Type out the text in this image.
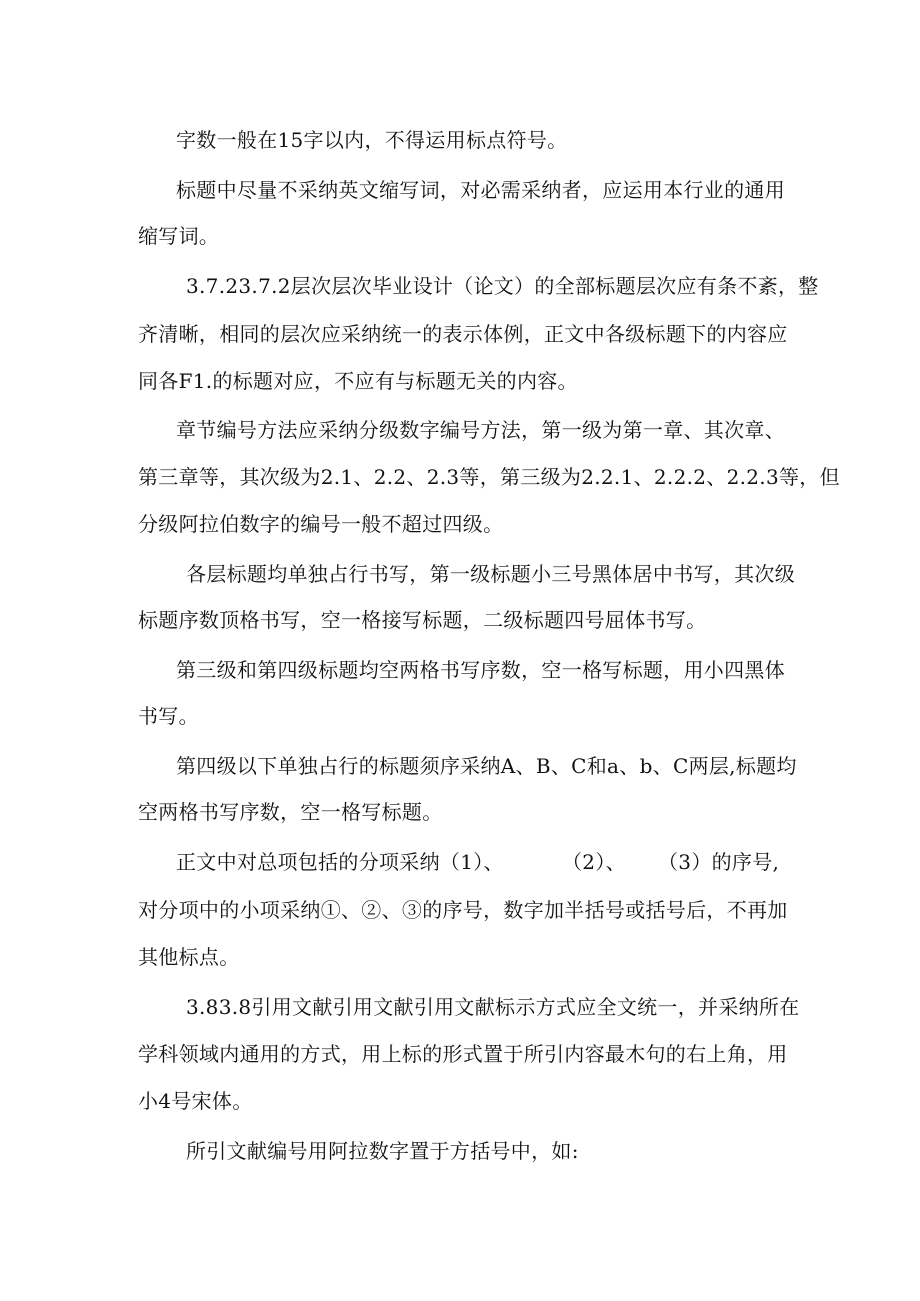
字数一般在15字以内，不得运用标点符号。
标题中尽量不采纳英文缩写词，对必需采纳者，应运用本行业的通用
缩写词。
3.7.23.7.2层次层次毕业设计（论文）的全部标题层次应有条不紊，整
齐清晰，相同的层次应采纳统一的表示体例，正文中各级标题下的内容应
同各F1.的标题对应，不应有与标题无关的内容。
章节编号方法应采纳分级数字编号方法，第一级为第一章、其次章、
第三章等，其次级为2.1、2.2、2.3等，第三级为2.2.1、2.2.2、2.2.3等，但
分级阿拉伯数字的编号一般不超过四级。
各层标题均单独占行书写，第一级标题小三号黑体居中书写，其次级
标题序数顶格书写，空一格接写标题，二级标题四号屈体书写。
第三级和第四级标题均空两格书写序数，空一格写标题，用小四黑体
书写。
第四级以下单独占行的标题须序采纳A、B、C和a、b、C两层,标题均
空两格书写序数，空一格写标题。
正文中对总项包括的分项采纳（1）、	（2）、 （3）的序号,
对分项中的小项采纳①、②、③的序号，数字加半括号或括号后，不再加
其他标点。
3.83.8引用文献引用文献引用文献标示方式应全文统一，并采纳所在
学科领域内通用的方式，用上标的形式置于所引内容最木句的右上角，用
小4号宋体。
所引文献编号用阿拉数字置于方括号中，如:
